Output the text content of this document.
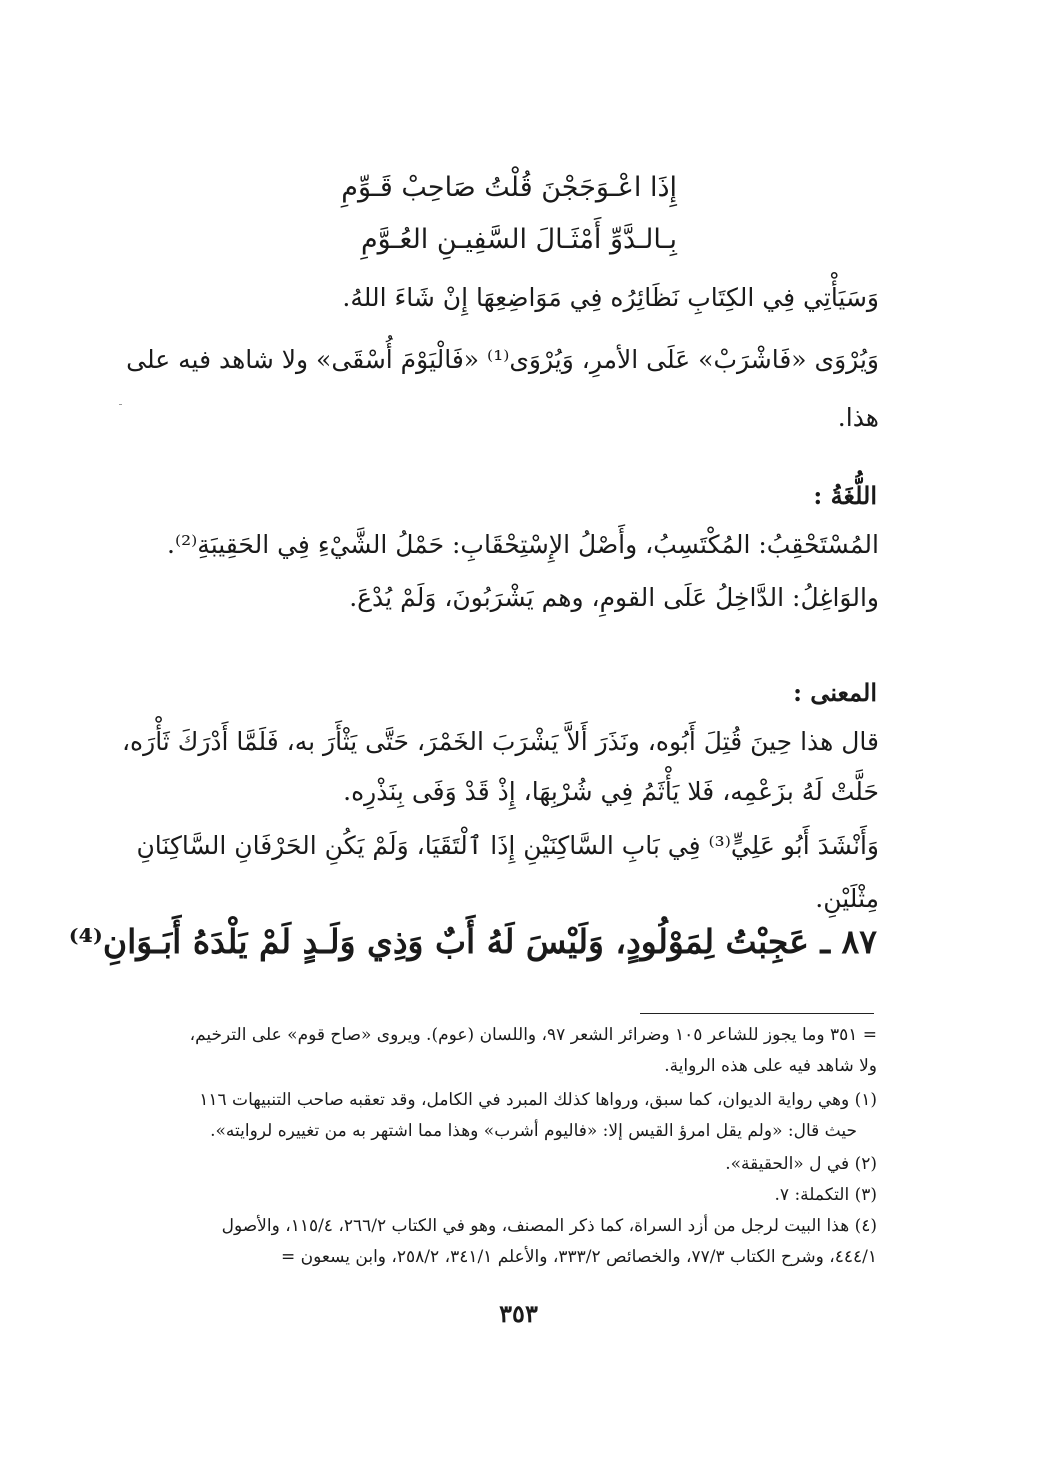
إِذَا اعْـوَجَجْنَ قُلْتُ صَاحِبْ قَـوِّمِ
بِـالـدَّوِّ أَمْثَـالَ السَّفِيـنِ العُـوَّمِ
وَسَيَأْتِي فِي الكِتَابِ نَظَائِرُه فِي مَوَاضِعِهَا إِنْ شَاءَ اللهُ.
وَيُرْوَى «فَاشْرَبْ» عَلَى الأمرِ، وَيُرْوَى⁽¹⁾ «فَالْيَوْمَ أُسْقَى» ولا شاهد فيه على
هذا.
اللُّغَةُ :
المُسْتَحْقِبُ: المُكْتَسِبُ، وأَصْلُ الإِسْتِحْقَابِ: حَمْلُ الشَّيْءِ فِي الحَقِيبَةِ⁽²⁾.
والوَاغِلُ: الدَّاخِلُ عَلَى القومِ، وهم يَشْرَبُونَ، وَلَمْ يُدْعَ.
المعنى :
قال هذا حِينَ قُتِلَ أَبُوه، ونَذَرَ أَلاَّ يَشْرَبَ الخَمْرَ، حَتَّى يَثْأَرَ به، فَلَمَّا أَدْرَكَ ثَأْرَه،
حَلَّتْ لَهُ بزَعْمِه، فَلا يَأْثَمُ فِي شُرْبِهَا، إِذْ قَدْ وَفَى بِنَذْرِه.
وَأَنْشَدَ أَبُو عَلِيٍّ⁽³⁾ فِي بَابِ السَّاكِنَيْنِ إِذَا ٱلْتَقَيَا، وَلَمْ يَكُنِ الحَرْفَانِ السَّاكِنَانِ
مِثْلَيْنِ.
٨٧ ـ عَجِبْتُ لِمَوْلُودٍ، وَلَيْسَ لَهُ أَبٌ وَذِي وَلَـدٍ لَمْ يَلْدَهُ أَبَـوَانِ⁽⁴⁾
= ٣٥١ وما يجوز للشاعر ١٠٥ وضرائر الشعر ٩٧، واللسان (عوم). ويروى «صاح قوم» على الترخيم،
ولا شاهد فيه على هذه الرواية.
(١) وهي رواية الديوان، كما سبق، ورواها كذلك المبرد في الكامل، وقد تعقبه صاحب التنبيهات ١١٦
حيث قال: «ولم يقل امرؤ القيس إلا: «فاليوم أشرب» وهذا مما اشتهر به من تغييره لروايته».
(٢) في ل «الحقيقة».
(٣) التكملة: ٧.
(٤) هذا البيت لرجل من أزد السراة، كما ذكر المصنف، وهو في الكتاب ٢٦٦/٢، ١١٥/٤، والأصول
٤٤٤/١، وشرح الكتاب ٧٧/٣، والخصائص ٣٣٣/٢، والأعلم ٣٤١/١، ٢٥٨/٢، وابن يسعون =
٣٥٣
